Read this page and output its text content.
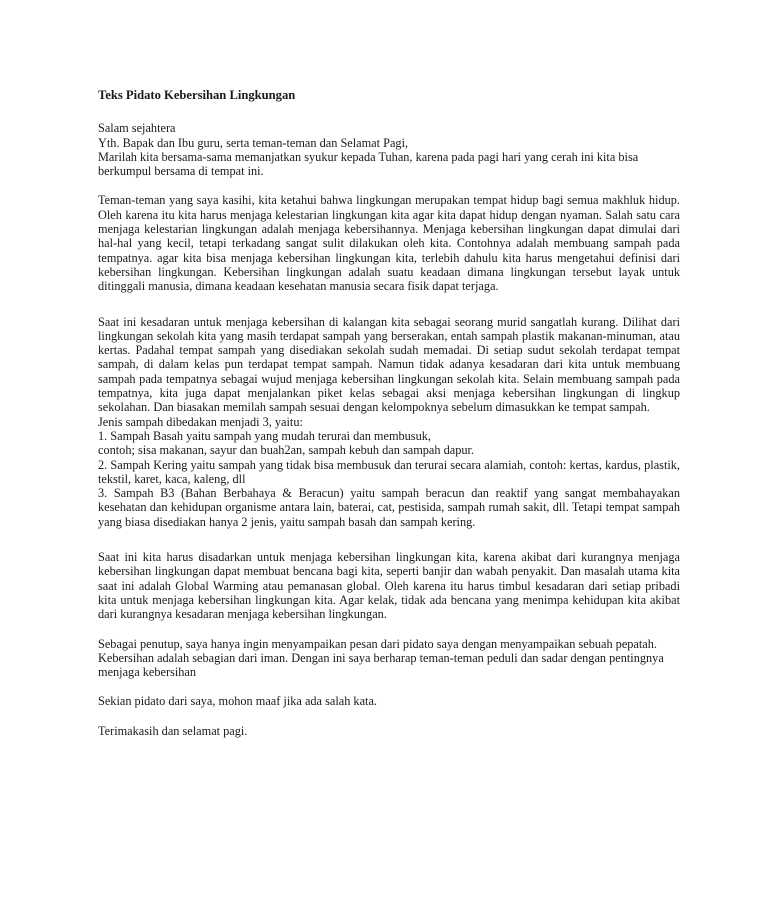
Teks Pidato Kebersihan Lingkungan

Salam sejahtera

Yth. Bapak dan Ibu guru, serta teman-teman dan Selamat Pagi,

Marilah kita bersama-sama memanjatkan syukur kepada Tuhan, karena pada pagi hari yang cerah ini kita bisa berkumpul bersama di tempat ini.

Teman-teman yang saya kasihi, kita ketahui bahwa lingkungan merupakan tempat hidup bagi semua makhluk hidup. Oleh karena itu kita harus menjaga kelestarian lingkungan kita agar kita dapat hidup dengan nyaman. Salah satu cara menjaga kelestarian lingkungan adalah menjaga kebersihannya. Menjaga kebersihan lingkungan dapat dimulai dari hal-hal yang kecil, tetapi terkadang sangat sulit dilakukan oleh kita. Contohnya adalah membuang sampah pada tempatnya. agar kita bisa menjaga kebersihan lingkungan kita, terlebih dahulu kita harus mengetahui definisi dari kebersihan lingkungan. Kebersihan lingkungan adalah suatu keadaan dimana lingkungan tersebut layak untuk ditinggali manusia, dimana keadaan kesehatan manusia secara fisik dapat terjaga.

Saat ini kesadaran untuk menjaga kebersihan di kalangan kita sebagai seorang murid sangatlah kurang. Dilihat dari lingkungan sekolah kita yang masih terdapat sampah yang berserakan, entah sampah plastik makanan-minuman, atau kertas. Padahal tempat sampah yang disediakan sekolah sudah memadai. Di setiap sudut sekolah terdapat tempat sampah, di dalam kelas pun terdapat tempat sampah. Namun tidak adanya kesadaran dari kita untuk membuang sampah pada tempatnya sebagai wujud menjaga kebersihan lingkungan sekolah kita. Selain membuang sampah pada tempatnya, kita juga dapat menjalankan piket kelas sebagai aksi menjaga kebersihan lingkungan di lingkup sekolahan. Dan biasakan memilah sampah sesuai dengan kelompoknya sebelum dimasukkan ke tempat sampah.

Jenis sampah dibedakan menjadi 3, yaitu:

1. Sampah Basah yaitu sampah yang mudah terurai dan membusuk,

contoh; sisa makanan, sayur dan buah2an, sampah kebuh dan sampah dapur.

2. Sampah Kering yaitu sampah yang tidak bisa membusuk dan terurai secara alamiah, contoh: kertas, kardus, plastik, tekstil, karet, kaca, kaleng, dll

3. Sampah B3 (Bahan Berbahaya & Beracun) yaitu sampah beracun dan reaktif yang sangat membahayakan kesehatan dan kehidupan organisme antara lain, baterai, cat, pestisida, sampah rumah sakit, dll. Tetapi tempat sampah yang biasa disediakan hanya 2 jenis, yaitu sampah basah dan sampah kering.

Saat ini kita harus disadarkan untuk menjaga kebersihan lingkungan kita, karena akibat dari kurangnya menjaga kebersihan lingkungan dapat membuat bencana bagi kita, seperti banjir dan wabah penyakit. Dan masalah utama kita saat ini adalah Global Warming atau pemanasan global. Oleh karena itu harus timbul kesadaran dari setiap pribadi kita untuk menjaga kebersihan lingkungan kita. Agar kelak, tidak ada bencana yang menimpa kehidupan kita akibat dari kurangnya kesadaran menjaga kebersihan lingkungan.

Sebagai penutup, saya hanya ingin menyampaikan pesan dari pidato saya dengan menyampaikan sebuah pepatah. Kebersihan adalah sebagian dari iman. Dengan ini saya berharap teman-teman peduli dan sadar dengan pentingnya menjaga kebersihan

Sekian pidato dari saya, mohon maaf jika ada salah kata.

Terimakasih dan selamat pagi.
